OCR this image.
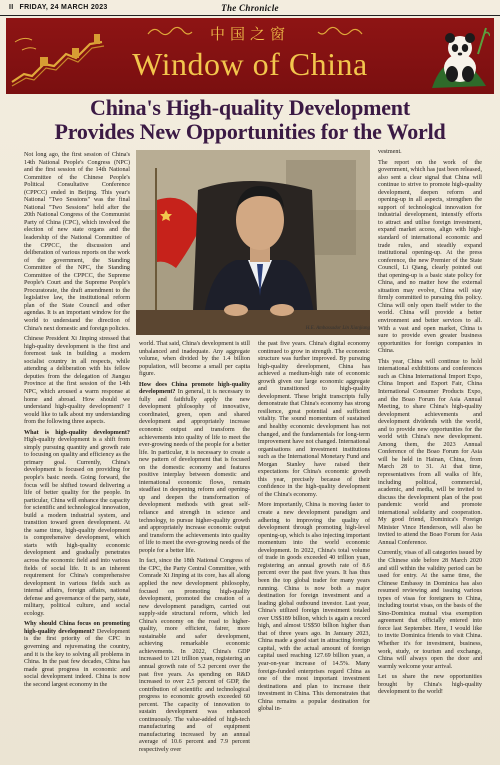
II FRIDAY, 24 MARCH 2023	The Chronicle
中国之窗
Window of China
China's High-quality Development
Provides New Opportunities for the World
H.E. Ambassador Lin Xianjiang

Not long ago, the first session of China's 14th National People's Congress (NPC) and the first session of the 14th National Committee of the Chinese People's Political Consultative Conference (CPPCC) ended in Beijing. This year's National "Two Sessions" was the final National "Two Sessions" held after the 20th National Congress of the Communist Party of China (CPC), which involved the election of new state organs and the leadership of the National Committee of the CPPCC, the discussion and deliberation of various reports on the work of the government, the Standing Committee of the NPC, the Standing Committee of the CPPCC, the Supreme People's Court and the Supreme People's Procuratorate, the draft amendment to the legislative law, the institutional reform plan of the State Council and other agendas. It is an important window for the world to understand the direction of China's next domestic and foreign policies.

Chinese President Xi Jinping stressed that high-quality development is the first and foremost task in building a modern socialist country in all respects, while attending a deliberation with his fellow deputies from the delegation of Jiangsu Province at the first session of the 14th NPC, which aroused a warm response at home and abroad. How should we understand high-quality development? I would like to talk about my understanding from the following three aspects.

What is high-quality development? High-quality development is a shift from simply pursuing quantity and growth rate to focusing on quality and efficiency as the primary goal. Currently, China's development is focused on providing for people's basic needs. Going forward, the focus will be shifted toward delivering a life of better quality for the people. In particular, China will enhance the capacity for scientific and technological innovation, build a modern industrial system, and transition toward green development. At the same time, high-quality development is comprehensive development, which starts with high-quality economic development and gradually penetrates across the economic field and into various fields of social life. It is an inherent requirement for China's comprehensive development in various fields such as internal affairs, foreign affairs, national defense and governance of the party, state, military, political culture, and social ecology.

Why should China focus on promoting high-quality development? Development is the first priority of the CPC in governing and rejuvenating the country, and it is the key to solving all problems in China. In the past few decades, China has made great progress in economic and social development indeed. China is now the second largest economy in the

world. That said, China's development is still unbalanced and inadequate. Any aggregate volume, when divided by the 1.4 billion population, will become a small per capita figure.

How does China promote high-quality development? In general, it is necessary to fully and faithfully apply the new development philosophy of innovative, coordinated, green, open and shared development and appropriately increase economic output and transform the achievements into quality of life to meet the ever-growing needs of the people for a better life. In particular, it is necessary to create a new pattern of development that is focused on the domestic economy and features positive interplay between domestic and international economic flows, remain steadfast in deepening reform and opening-up and deepen the transformation of development methods with great self-reliance and strength in science and technology, to pursue higher-quality growth and appropriately increase economic output and transform the achievements into quality of life to meet the ever-growing needs of the people for a better life.

In fact, since the 18th National Congress of the CPC, the Party Central Committee, with Comrade Xi Jinping at its core, has all along applied the new development philosophy, focused on promoting high-quality development, promoted the creation of a new development paradigm, carried out supply-side structural reform, which led China's economy on the road to higher-quality, more efficient, fairer, more sustainable and safer development, achieving remarkable economic achievements. In 2022, China's GDP increased to 121 trillion yuan, registering an annual growth rate of 5.2 percent over the past five years. As spending on R&D increased to over 2.5 percent of GDP, the contribution of scientific and technological progress to economic growth exceeded 60 percent. The capacity of innovation to sustain development was enhanced continuously. The value-added of high-tech manufacturing and of equipment manufacturing increased by an annual average of 10.6 percent and 7.9 percent respectively over

the past five years. China's digital economy continued to grow in strength. The economic structure was further improved. By pursuing high-quality development, China has achieved a medium-high rate of economic growth given our large economic aggregate and transitioned to high-quality development. These bright transcripts fully demonstrate that China's economy has strong resilience, great potential and sufficient vitality. The sound momentum of sustained and healthy economic development has not changed, and the fundamentals for long-term improvement have not changed. International organisations and investment institutions such as the International Monetary Fund and Morgan Stanley have raised their expectations for China's economic growth this year, precisely because of their confidence in the high-quality development of the China's economy.

More importantly, China is moving faster to create a new development paradigm and adhering to improving the quality of development through promoting high-level opening-up, which is also injecting important momentum into the world economic development. In 2022, China's total volume of trade in goods exceeded 40 trillion yuan, registering an annual growth rate of 8.6 percent over the past five years. It has thus been the top global trader for many years running. China is now both a major destination for foreign investment and a leading global outbound investor. Last year, China's utilized foreign investment totaled over US$189 billion, which is again a record high, and almost US$50 billion higher than that of three years ago. In January 2023, China made a good start in attracting foreign capital, with the actual amount of foreign capital used reaching 127.69 billion yuan, a year-on-year increase of 14.5%. Many foreign-funded enterprises regard China as one of the most important investment destinations and plan to increase their investment in China. This demonstrates that China remains a popular destination for global in-

vestment.

The report on the work of the government, which has just been released, also sent a clear signal that China will continue to strive to promote high-quality development, deepen reform and opening-up in all aspects, strengthen the support of technological innovation for industrial development, intensify efforts to attract and utilise foreign investment, expand market access, align with high-standard of international economic and trade rules, and steadily expand institutional opening-up. At the press conference, the new Premier of the State Council, Li Qiang, clearly pointed out that opening-up is a basic state policy for China, and no matter how the external situation may evolve, China will stay firmly committed to pursuing this policy. China will only open itself wider to the world. China will provide a better environment and better services to all. With a vast and open market, China is sure to provide even greater business opportunities for foreign companies in China.

This year, China will continue to hold international exhibitions and conferences such as China International Import Expo, China Import and Export Fair, China International Consumer Products Expo, and the Boao Forum for Asia Annual Meeting, to share China's high-quality development achievements and development dividends with the world, and to provide new opportunities for the world with China's new development. Among them, the 2023 Annual Conference of the Boao Forum for Asia will be held in Hainan, China, from March 28 to 31. At that time, representatives from all walks of life, including political, commercial, academic, and media, will be invited to discuss the development plan of the post pandemic world and promote international solidarity and cooperation. My good friend, Dominica's Foreign Minister Vince Henderson, will also be invited to attend the Boao Forum for Asia Annual Conference.

Currently, visas of all categories issued by the Chinese side before 28 March 2020 and still within the validity period can be used for entry. At the same time, the Chinese Embassy in Dominica has also resumed reviewing and issuing various types of visas for foreigners to China, including tourist visas, on the basis of the Sino-Dominica mutual visa exemption agreement that officially entered into force last September. Here, I would like to invite Dominica friends to visit China. Whether it's for investment, business, work, study, or tourism and exchange, China will always open the door and warmly welcome your arrival.

Let us share the new opportunities brought by China's high-quality development to the world!
